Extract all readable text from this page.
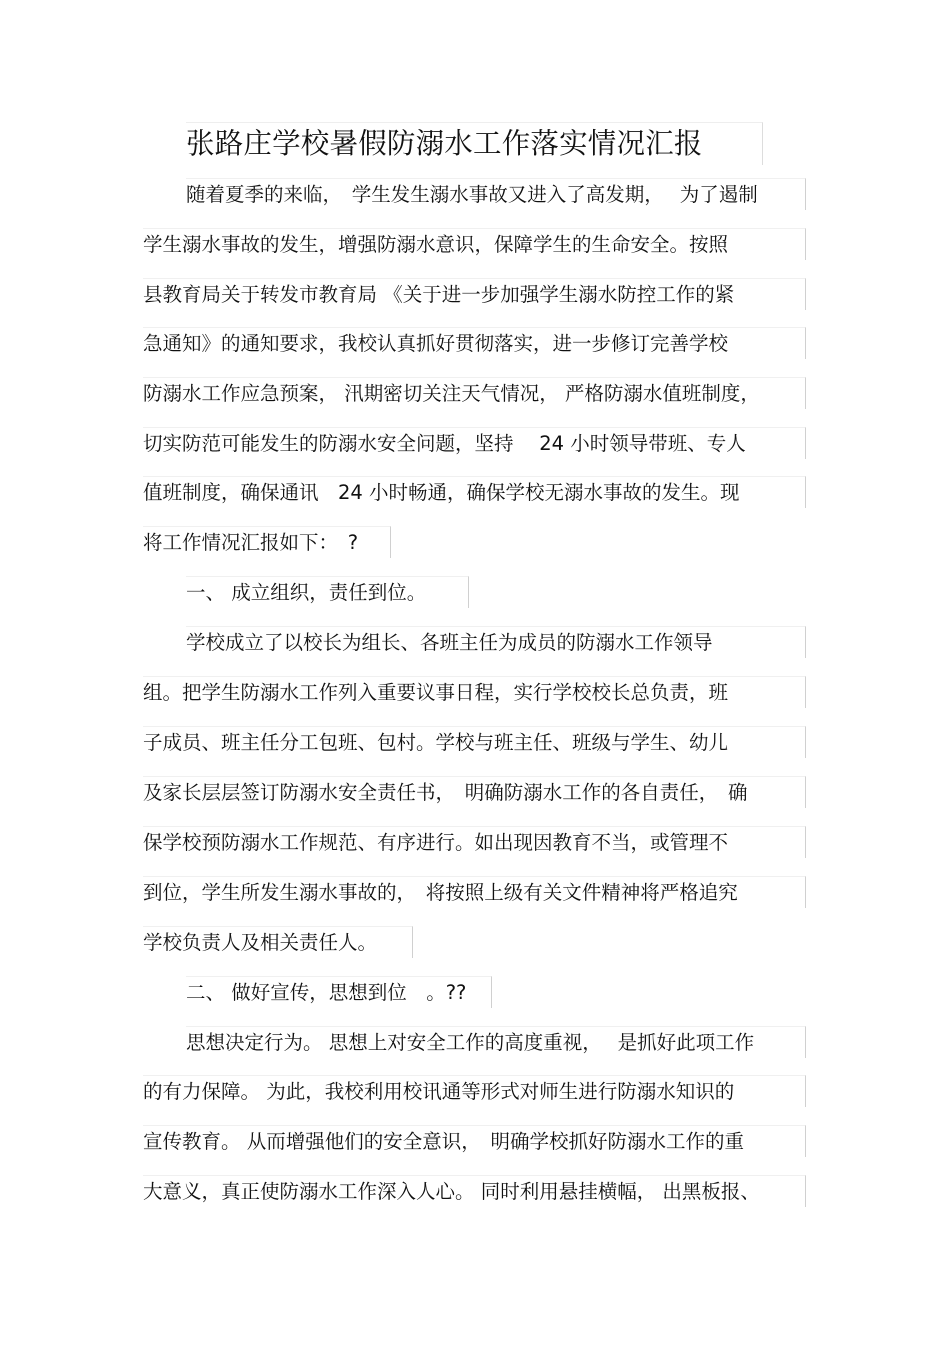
张路庄学校暑假防溺水工作落实情况汇报
随着夏季的来临，　学生发生溺水事故又进入了高发期，　 为了遏制
学生溺水事故的发生，增强防溺水意识，保障学生的生命安全。按照
县教育局关于转发市教育局 《关于进一步加强学生溺水防控工作的紧
急通知》的通知要求，我校认真抓好贯彻落实，进一步修订完善学校
防溺水工作应急预案， 汛期密切关注天气情况， 严格防溺水值班制度，
切实防范可能发生的防溺水安全问题，坚持　 24 小时领导带班、专人
值班制度，确保通讯　24 小时畅通，确保学校无溺水事故的发生。现
将工作情况汇报如下：　?
一、 成立组织，责任到位。
学校成立了以校长为组长、各班主任为成员的防溺水工作领导
组。把学生防溺水工作列入重要议事日程，实行学校校长总负责，班
子成员、班主任分工包班、包村。学校与班主任、班级与学生、幼儿
及家长层层签订防溺水安全责任书，　明确防溺水工作的各自责任，　确
保学校预防溺水工作规范、有序进行。如出现因教育不当，或管理不
到位，学生所发生溺水事故的，　将按照上级有关文件精神将严格追究
学校负责人及相关责任人。
二、 做好宣传，思想到位　。??
思想决定行为。 思想上对安全工作的高度重视，　 是抓好此项工作
的有力保障。 为此，我校利用校讯通等形式对师生进行防溺水知识的
宣传教育。 从而增强他们的安全意识，　明确学校抓好防溺水工作的重
大意义，真正使防溺水工作深入人心。 同时利用悬挂横幅， 出黑板报、
